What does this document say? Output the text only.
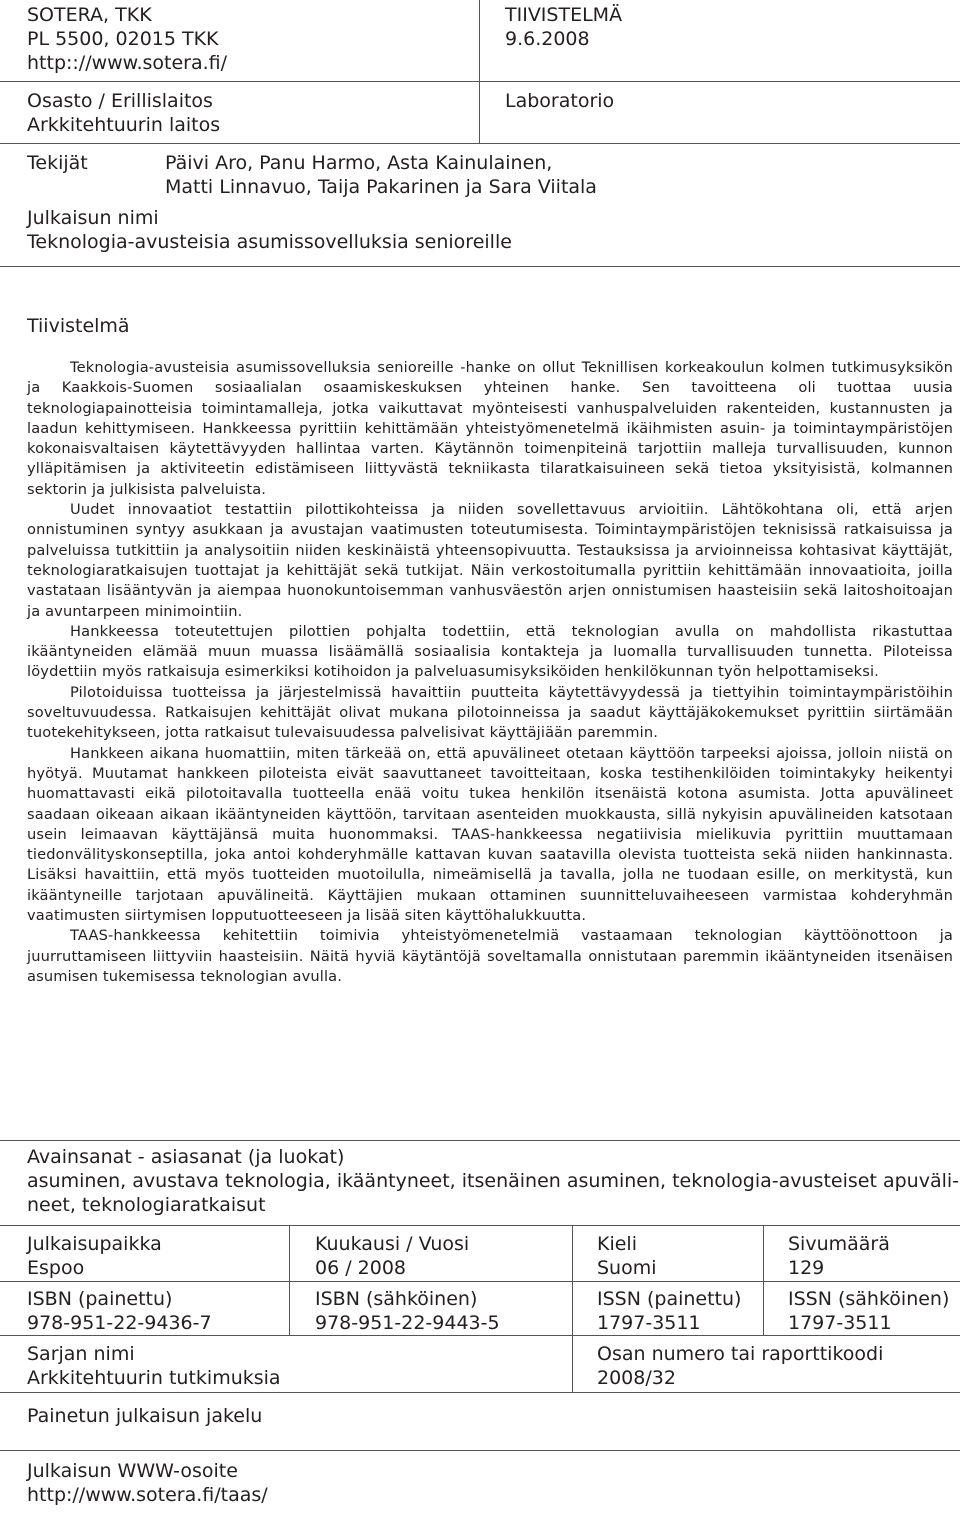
SOTERA, TKK
PL 5500, 02015 TKK
http:://www.sotera.fi/
TIIVISTELMÄ
9.6.2008
Osasto / Erillislaitos
Arkkitehtuurin laitos
Laboratorio
Tekijät	Päivi Aro, Panu Harmo, Asta Kainulainen,
Matti Linnavuo, Taija Pakarinen ja Sara Viitala
Julkaisun nimi
Teknologia-avusteisia asumissovelluksia senioreille
Tiivistelmä

Teknologia-avusteisia asumissovelluksia senioreille -hanke on ollut Teknillisen korkeakoulun kolmen tutkimusyksikön ja Kaakkois-Suomen sosiaalialan osaamiskeskuksen yhteinen hanke. Sen tavoitteena oli tuottaa uusia teknologiapainotteisia toimintamalleja, jotka vaikuttavat myönteisesti vanhuspalveluiden rakenteiden, kustannusten ja laadun kehittymiseen. Hankkeessa pyrittiin kehittämään yhteistyömenetelmä ikäihmisten asuin- ja toimintaympäristöjen kokonaisvaltaisen käytettävyyden hallintaa varten. Käytännön toimenpiteinä tarjottiin malleja turvallisuuden, kunnon ylläpitämisen ja aktiviteetin edistämiseen liittyvästä tekniikasta tilaratkaisuineen sekä tietoa yksityisistä, kolmannen sektorin ja julkisista palveluista.

Uudet innovaatiot testattiin pilottikohteissa ja niiden sovellettavuus arvioitiin. Lähtökohtana oli, että arjen onnistuminen syntyy asukkaan ja avustajan vaatimusten toteutumisesta. Toimintaympäristöjen teknisissä ratkaisuissa ja palveluissa tutkittiin ja analysoitiin niiden keskinäistä yhteensopivuutta. Testauksissa ja arvioinneissa kohtasivat käyttäjät, teknologiaratkaisujen tuottajat ja kehittäjät sekä tutkijat. Näin verkostoitumalla pyrittiin kehittämään innovaatioita, joilla vastataan lisääntyvän ja aiempaa huonokuntoisemman vanhusväestön arjen onnistumisen haasteisiin sekä laitoshoitoajan ja avuntarpeen minimointiin.

Hankkeessa toteutettujen pilottien pohjalta todettiin, että teknologian avulla on mahdollista rikastuttaa ikääntyneiden elämää muun muassa lisäämällä sosiaalisia kontakteja ja luomalla turvallisuuden tunnetta. Piloteissa löydettiin myös ratkaisuja esimerkiksi kotihoidon ja palveluasumisyksiköiden henkilökunnan työn helpottamiseksi.

Pilotoiduissa tuotteissa ja järjestelmissä havaittiin puutteita käytettävyydessä ja tiettyihin toimintaympäristöihin soveltuvuudessa. Ratkaisujen kehittäjät olivat mukana pilotoinneissa ja saadut käyttäjäkokemukset pyrittiin siirtämään tuotekehitykseen, jotta ratkaisut tulevaisuudessa palvelisivat käyttäjiään paremmin.

Hankkeen aikana huomattiin, miten tärkeää on, että apuvälineet otetaan käyttöön tarpeeksi ajoissa, jolloin niistä on hyötyä. Muutamat hankkeen piloteista eivät saavuttaneet tavoitteitaan, koska testihenkilöiden toimintakyky heikentyi huomattavasti eikä pilotoitavalla tuotteella enää voitu tukea henkilön itsenäistä kotona asumista. Jotta apuvälineet saadaan oikeaan aikaan ikääntyneiden käyttöön, tarvitaan asenteiden muokkausta, sillä nykyisin apuvälineiden katsotaan usein leimaavan käyttäjänsä muita huonommaksi. TAAS-hankkeessa negatiivisia mielikuvia pyrittiin muuttamaan tiedonvälityskonseptilla, joka antoi kohderyhmälle kattavan kuvan saatavilla olevista tuotteista sekä niiden hankinnasta. Lisäksi havaittiin, että myös tuotteiden muotoilulla, nimeämisellä ja tavalla, jolla ne tuodaan esille, on merkitystä, kun ikääntyneille tarjotaan apuvälineitä. Käyttäjien mukaan ottaminen suunnitteluvaiheeseen varmistaa kohderyhmän vaatimusten siirtymisen lopputuotteeseen ja lisää siten käyttöhalukkuutta.

TAAS-hankkeessa kehitettiin toimivia yhteistyömenetelmiä vastaamaan teknologian käyttöönottoon ja juurruttamiseen liittyviin haasteisiin. Näitä hyviä käytäntöjä soveltamalla onnistutaan paremmin ikääntyneiden itsenäisen asumisen tukemisessa teknologian avulla.

Avainsanat - asiasanat (ja luokat)
asuminen, avustava teknologia, ikääntyneet, itsenäinen asuminen, teknologia-avusteiset apuväli-
neet, teknologiaratkaisut
Julkaisupaikka
Espoo
Kuukausi / Vuosi
06 / 2008
Kieli
Suomi
Sivumäärä
129
ISBN (painettu)
978-951-22-9436-7
ISBN (sähköinen)
978-951-22-9443-5
ISSN (painettu)
1797-3511
ISSN (sähköinen)
1797-3511
Sarjan nimi
Arkkitehtuurin tutkimuksia
Osan numero tai raporttikoodi
2008/32
Painetun julkaisun jakelu
Julkaisun WWW-osoite
http://www.sotera.fi/taas/
